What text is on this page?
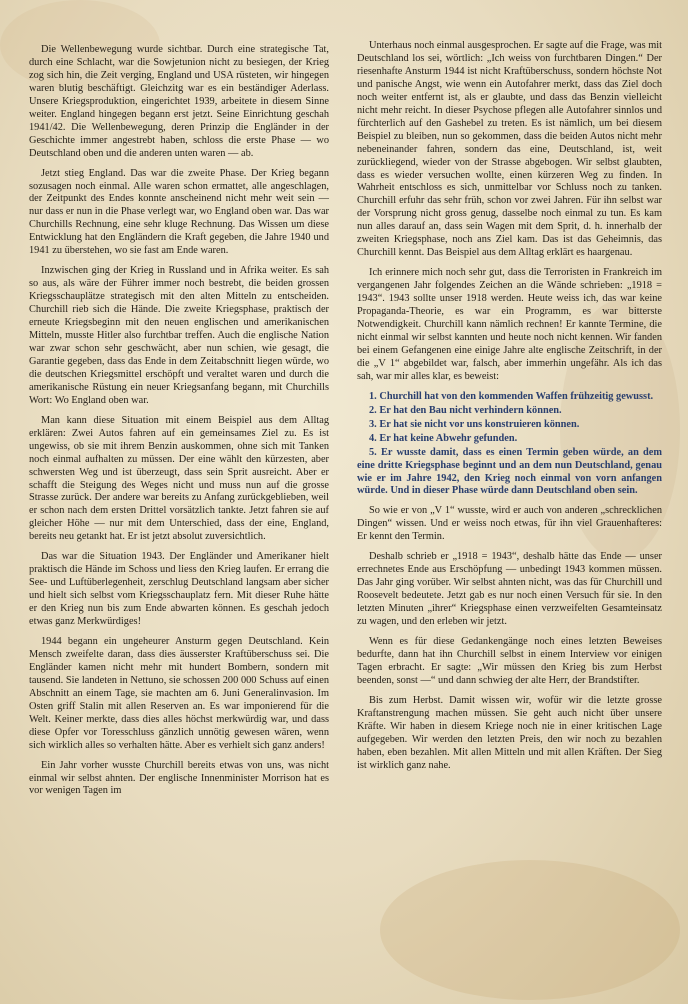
Die Wellenbewegung wurde sichtbar. Durch eine strategische Tat, durch eine Schlacht, war die Sowjetunion nicht zu besiegen, der Krieg zog sich hin, die Zeit verging, England und USA rüsteten, wir hingegen waren blutig beschäftigt. Gleichzitg war es ein beständiger Aderlass. Unsere Kriegsproduktion, eingerichtet 1939, arbeitete in diesem Sinne weiter. England hingegen begann erst jetzt. Seine Einrichtung geschah 1941/42. Die Wellenbewegung, deren Prinzip die Engländer in der Geschichte immer angestrebt haben, schloss die erste Phase — wo Deutschland oben und die anderen unten waren — ab.

Jetzt stieg England. Das war die zweite Phase. Der Krieg begann sozusagen noch einmal. Alle waren schon ermattet, alle angeschlagen, der Zeitpunkt des Endes konnte anscheinend nicht mehr weit sein — nur dass er nun in die Phase verlegt war, wo England oben war. Das war Churchills Rechnung, eine sehr kluge Rechnung. Das Wissen um diese Entwicklung hat den Engländern die Kraft gegeben, die Jahre 1940 und 1941 zu überstehen, wo sie fast am Ende waren.

Inzwischen ging der Krieg in Russland und in Afrika weiter. Es sah so aus, als wäre der Führer immer noch bestrebt, die beiden grossen Kriegsschauplätze strategisch mit den alten Mitteln zu entscheiden. Churchill rieb sich die Hände. Die zweite Kriegsphase, praktisch der erneute Kriegsbeginn mit den neuen englischen und amerikanischen Mitteln, musste Hitler also furchtbar treffen. Auch die englische Nation war zwar schon sehr geschwächt, aber nun schien, wie gesagt, die Garantie gegeben, dass das Ende in dem Zeitabschnitt liegen würde, wo die deutschen Kriegsmittel erschöpft und veraltet waren und durch die amerikanische Rüstung ein neuer Kriegsanfang begann, mit Churchills Wort: Wo England oben war.

Man kann diese Situation mit einem Beispiel aus dem Alltag erklären: Zwei Autos fahren auf ein gemeinsames Ziel zu. Es ist ungewiss, ob sie mit ihrem Benzin auskommen, ohne sich mit Tanken noch einmal aufhalten zu müssen. Der eine wählt den kürzesten, aber schwersten Weg und ist überzeugt, dass sein Sprit ausreicht. Aber er schafft die Steigung des Weges nicht und muss nun auf die grosse Strasse zurück. Der andere war bereits zu Anfang zurückgeblieben, weil er schon nach dem ersten Drittel vorsätzlich tankte. Jetzt fahren sie auf gleicher Höhe — nur mit dem Unterschied, dass der eine, England, bereits neu getankt hat. Er ist jetzt absolut zuversichtlich.

Das war die Situation 1943. Der Engländer und Amerikaner hielt praktisch die Hände im Schoss und liess den Krieg laufen. Er errang die See- und Luftüberlegenheit, zerschlug Deutschland langsam aber sicher und hielt sich selbst vom Kriegsschauplatz fern. Mit dieser Ruhe hätte er den Krieg nun bis zum Ende abwarten können. Es geschah jedoch etwas ganz Merkwürdiges!

1944 begann ein ungeheurer Ansturm gegen Deutschland. Kein Mensch zweifelte daran, dass dies äusserster Kraftüberschuss sei. Die Engländer kamen nicht mehr mit hundert Bombern, sondern mit tausend. Sie landeten in Nettuno, sie schossen 200 000 Schuss auf einen Abschnitt an einem Tage, sie machten am 6. Juni Generalinvasion. Im Osten griff Stalin mit allen Reserven an. Es war imponierend für die Welt. Keiner merkte, dass dies alles höchst merkwürdig war, und dass diese Opfer vor Toresschluss gänzlich unnötig gewesen wären, wenn sich wirklich alles so verhalten hätte. Aber es verhielt sich ganz anders!

Ein Jahr vorher wusste Churchill bereits etwas von uns, was nicht einmal wir selbst ahnten. Der englische Innenminister Morrison hat es vor wenigen Tagen im

Unterhaus noch einmal ausgesprochen. Er sagte auf die Frage, was mit Deutschland los sei, wörtlich: „Ich weiss von furchtbaren Dingen.“ Der riesenhafte Ansturm 1944 ist nicht Kraftüberschuss, sondern höchste Not und panische Angst, wie wenn ein Autofahrer merkt, dass das Ziel doch noch weiter entfernt ist, als er glaubte, und dass das Benzin vielleicht nicht mehr reicht. In dieser Psychose pflegen alle Autofahrer sinnlos und fürchterlich auf den Gashebel zu treten. Es ist nämlich, um bei diesem Beispiel zu bleiben, nun so gekommen, dass die beiden Autos nicht mehr nebeneinander fahren, sondern das eine, Deutschland, ist, weit zurückliegend, wieder von der Strasse abgebogen. Wir selbst glaubten, dass es wieder versuchen wollte, einen kürzeren Weg zu finden. In Wahrheit entschloss es sich, unmittelbar vor Schluss noch zu tanken. Churchill erfuhr das sehr früh, schon vor zwei Jahren. Für ihn selbst war der Vorsprung nicht gross genug, dasselbe noch einmal zu tun. Es kam nun alles darauf an, dass sein Wagen mit dem Sprit, d. h. innerhalb der zweiten Kriegsphase, noch ans Ziel kam. Das ist das Geheimnis, das Churchill kennt. Das Beispiel aus dem Alltag erklärt es haargenau.

Ich erinnere mich noch sehr gut, dass die Terroristen in Frankreich im vergangenen Jahr folgendes Zeichen an die Wände schrieben: „1918 = 1943“. 1943 sollte unser 1918 werden. Heute weiss ich, das war keine Propaganda-Theorie, es war ein Programm, es war bitterste Notwendigkeit. Churchill kann nämlich rechnen! Er kannte Termine, die nicht einmal wir selbst kannten und heute noch nicht kennen. Wir fanden bei einem Gefangenen eine einige Jahre alte englische Zeitschrift, in der die „V 1“ abgebildet war, falsch, aber immerhin ungefähr. Als ich das sah, war mir alles klar, es beweist:

1. Churchill hat von den kommenden Waffen frühzeitig gewusst.
2. Er hat den Bau nicht verhindern können.
3. Er hat sie nicht vor uns konstruieren können.
4. Er hat keine Abwehr gefunden.
5. Er wusste damit, dass es einen Termin geben würde, an dem eine dritte Kriegsphase beginnt und an dem nun Deutschland, genau wie er im Jahre 1942, den Krieg noch einmal von vorn anfangen würde. Und in dieser Phase würde dann Deutschland oben sein.

So wie er von „V 1“ wusste, wird er auch von anderen „schrecklichen Dingen“ wissen. Und er weiss noch etwas, für ihn viel Grauenhafteres: Er kennt den Termin.

Deshalb schrieb er „1918 = 1943“, deshalb hätte das Ende — unser errechnetes Ende aus Erschöpfung — unbedingt 1943 kommen müssen. Das Jahr ging vorüber. Wir selbst ahnten nicht, was das für Churchill und Roosevelt bedeutete. Jetzt gab es nur noch einen Versuch für sie. In den letzten Minuten „ihrer“ Kriegsphase einen verzweifelten Gesamteinsatz zu wagen, und den erleben wir jetzt.

Wenn es für diese Gedankengänge noch eines letzten Beweises bedurfte, dann hat ihn Churchill selbst in einem Interview vor einigen Tagen erbracht. Er sagte: „Wir müssen den Krieg bis zum Herbst beenden, sonst —“ und dann schwieg der alte Herr, der Brandstifter.

Bis zum Herbst. Damit wissen wir, wofür wir die letzte grosse Kraftanstrengung machen müssen. Sie geht auch nicht über unsere Kräfte. Wir haben in diesem Kriege noch nie in einer kritischen Lage aufgegeben. Wir werden den letzten Preis, den wir noch zu bezahlen haben, eben bezahlen. Mit allen Mitteln und mit allen Kräften. Der Sieg ist wirklich ganz nahe.
